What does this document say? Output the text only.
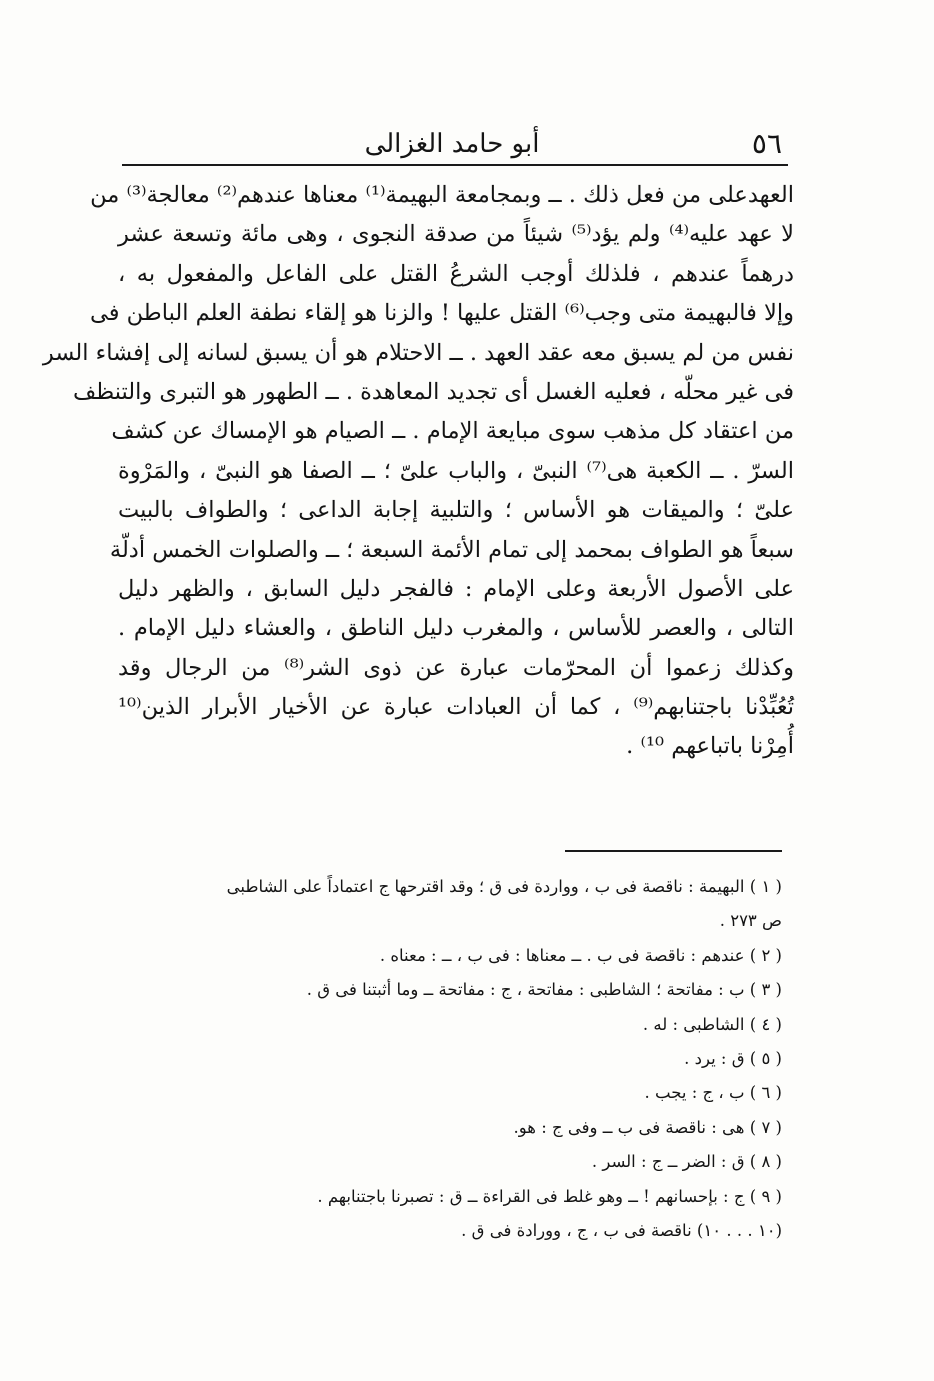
٥٦
أبو حامد الغزالى
العهدعلى من فعل ذلك . ــ وبمجامعة البهيمة⁽¹⁾ معناها عندهم⁽²⁾ معالجة⁽³⁾ من
لا عهد عليه⁽⁴⁾ ولم يؤد⁽⁵⁾ شيئاً من صدقة النجوى ، وهى مائة وتسعة عشر
درهماً عندهم ، فلذلك أوجب الشرعُ القتل على الفاعل والمفعول به ،
وإلا فالبهيمة متى وجب⁽⁶⁾ القتل عليها ! والزنا هو إلقاء نطفة العلم الباطن فى
نفس من لم يسبق معه عقد العهد . ــ الاحتلام هو أن يسبق لسانه إلى إفشاء السر
فى غير محلّه ، فعليه الغسل أى تجديد المعاهدة . ــ الطهور هو التبرى والتنظف
من اعتقاد كل مذهب سوى مبايعة الإمام . ــ الصيام هو الإمساك عن كشف
السرّ . ــ الكعبة هى⁽⁷⁾ النبىّ ، والباب علىّ ؛ ــ الصفا هو النبىّ ، والمَرْوة
علىّ ؛ والميقات هو الأساس ؛ والتلبية إجابة الداعى ؛ والطواف بالبيت
سبعاً هو الطواف بمحمد إلى تمام الأئمة السبعة ؛ ــ والصلوات الخمس أدلّة
على الأصول الأربعة وعلى الإمام : فالفجر دليل السابق ، والظهر دليل
التالى ، والعصر للأساس ، والمغرب دليل الناطق ، والعشاء دليل الإمام .
وكذلك زعموا أن المحرّمات عبارة عن ذوى الشر⁽⁸⁾ من الرجال وقد
تُعُبِّدْنا باجتنابهم⁽⁹⁾ ، كما أن العبادات عبارة عن الأخيار الأبرار الذين⁽¹⁰
أُمِرْنا باتباعهم ¹⁰⁾ .
( ١ ) البهيمة : ناقصة فى ب ، وواردة فى ق ؛ وقد اقترحها ج اعتماداً على الشاطبى
ص ٢٧٣ .
( ٢ ) عندهم : ناقصة فى ب . ــ معناها : فى ب ، ــ : معناه .
( ٣ ) ب : مفاتحة ؛ الشاطبى : مفاتحة ، ج : مفاتحة ــ وما أثبتنا فى ق .
( ٤ ) الشاطبى : له .
( ٥ ) ق : يرد .
( ٦ ) ب ، ج : يجب .
( ٧ ) هى : ناقصة فى ب ــ وفى ج : هو.
( ٨ ) ق : الضر ــ ج : السر .
( ٩ ) ج : بإحسانهم ! ــ وهو غلط فى القراءة ــ ق : تصبرنا باجتنابهم .
(١٠ . . . ١٠) ناقصة فى ب ، ج ، وورادة فى ق .
